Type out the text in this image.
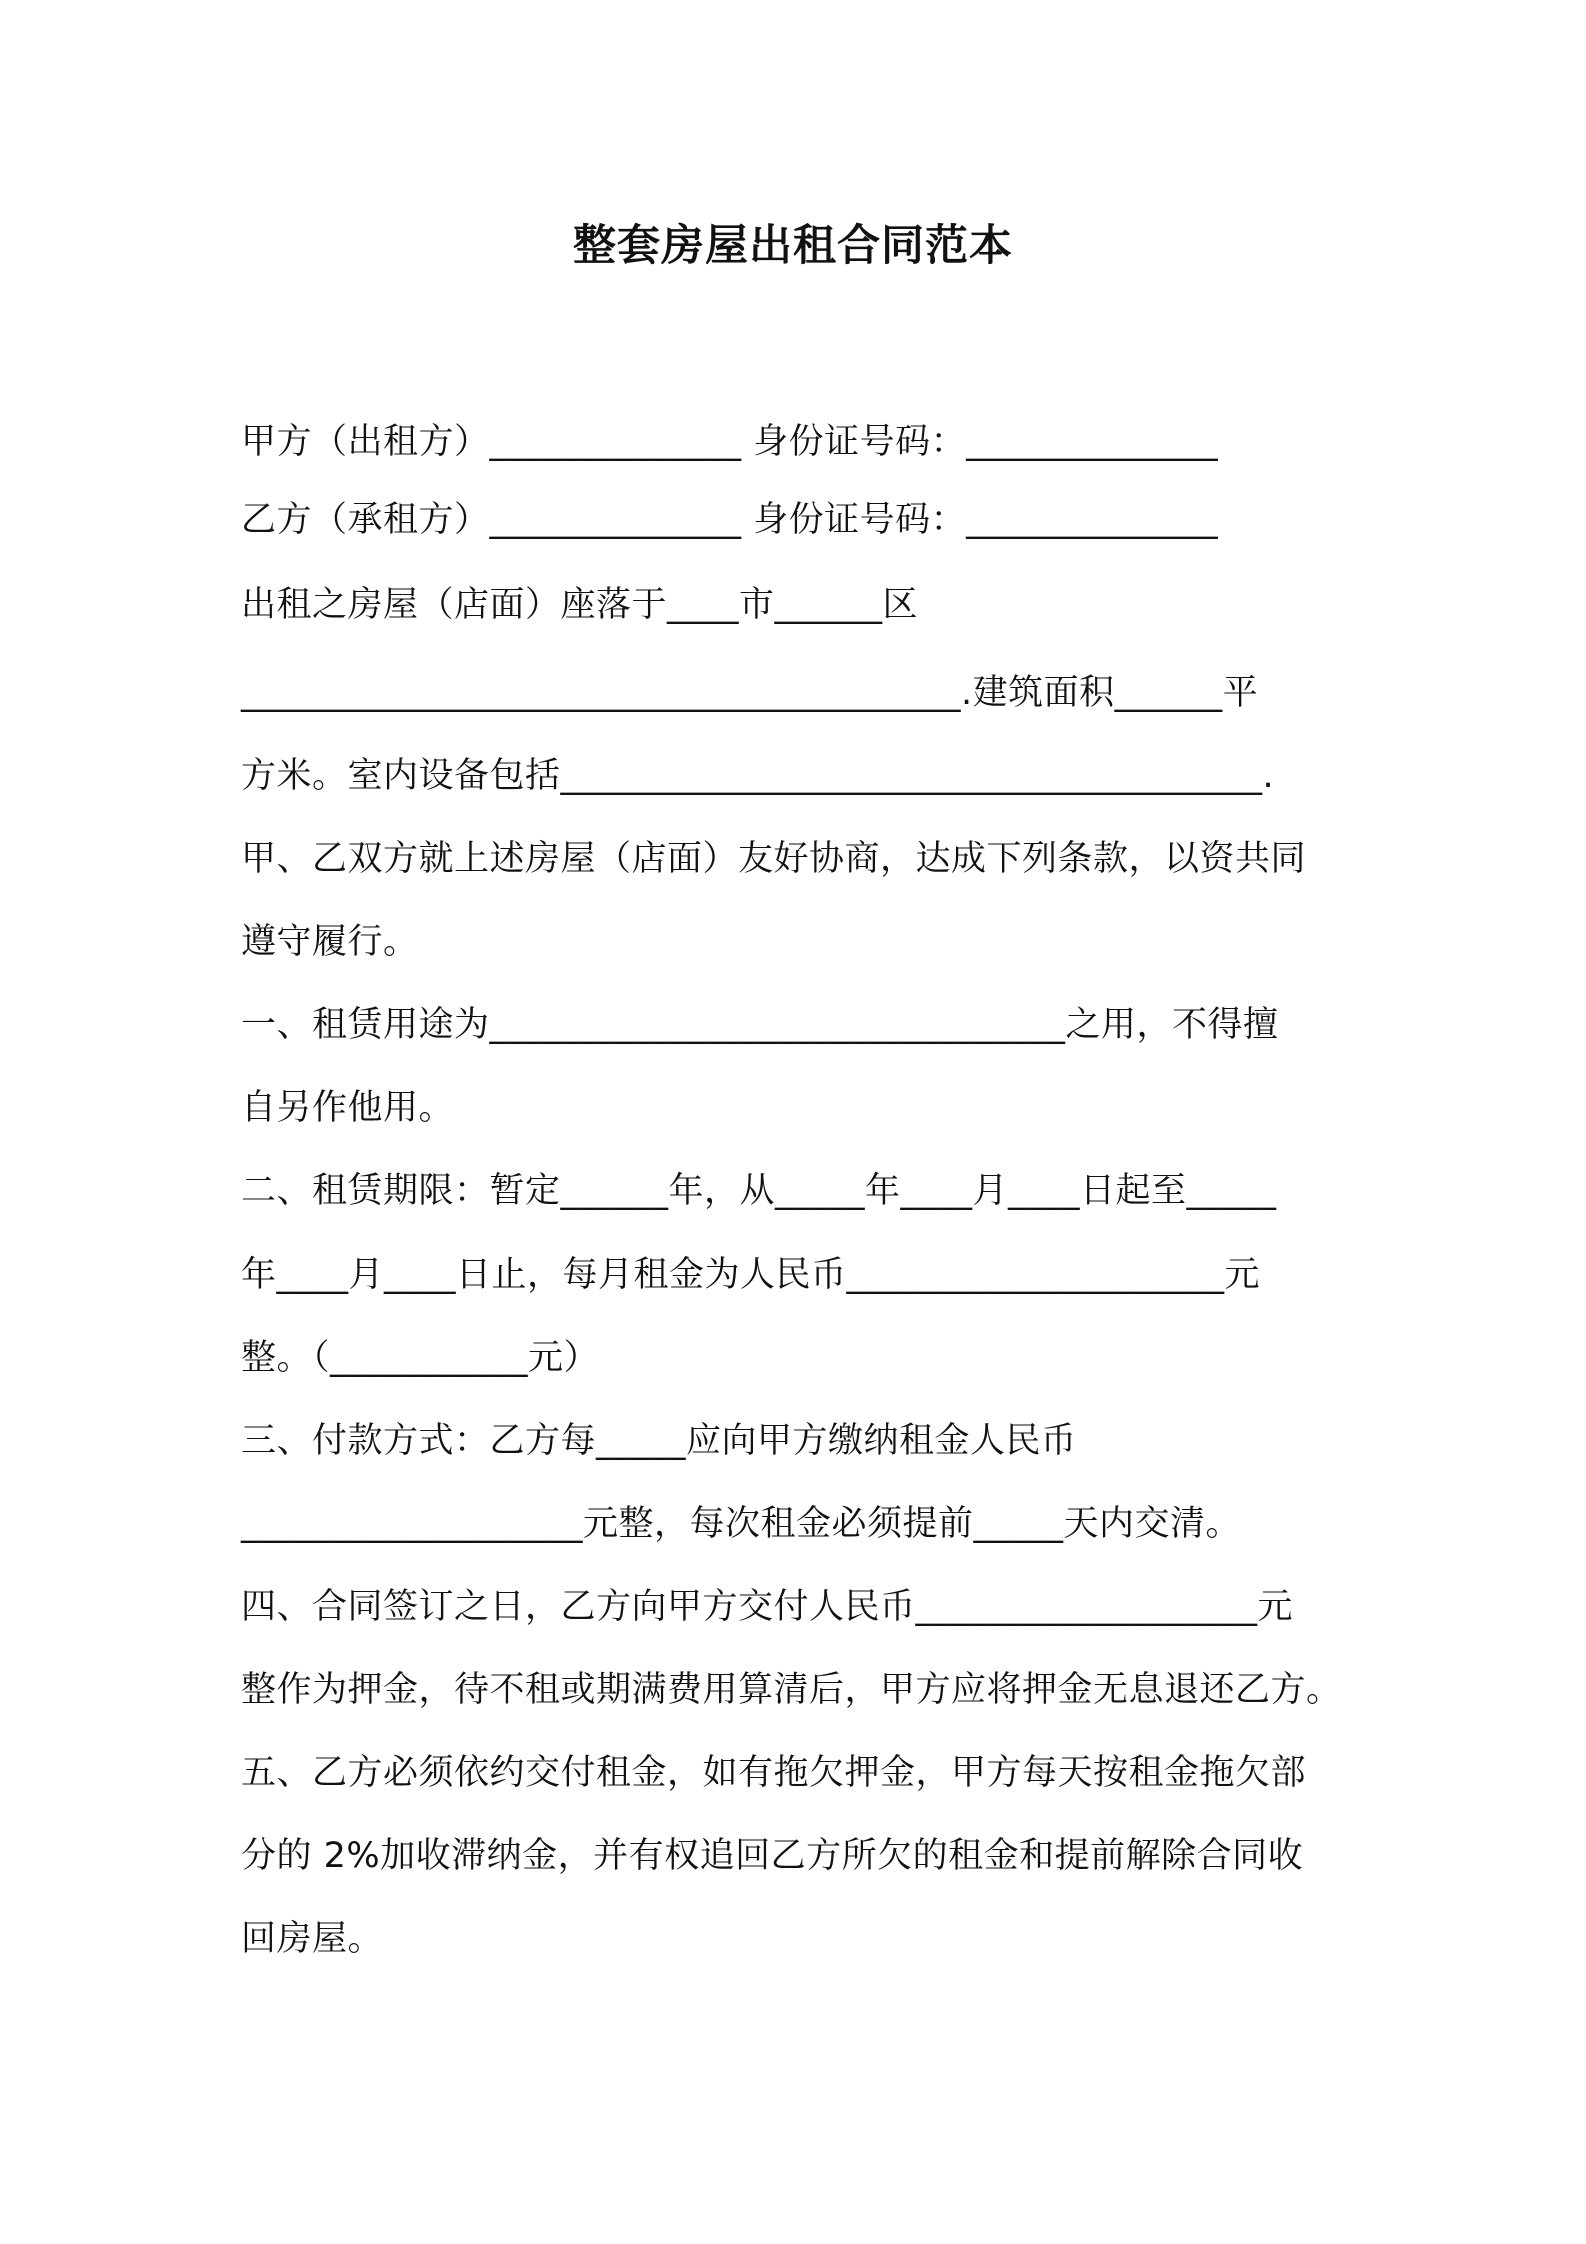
整套房屋出租合同范本
甲方（出租方）______________ 身份证号码：______________
乙方（承租方）______________ 身份证号码：______________
出租之房屋（店面）座落于____市______区
________________________________________.建筑面积______平
方米。室内设备包括_______________________________________.
甲、乙双方就上述房屋（店面）友好协商，达成下列条款，以资共同
遵守履行。
一、租赁用途为________________________________之用，不得擅
自另作他用。
二、租赁期限：暂定______年，从_____年____月____日起至_____
年____月____日止，每月租金为人民币_____________________元
整。（___________元）
三、付款方式：乙方每_____应向甲方缴纳租金人民币
___________________元整，每次租金必须提前_____天内交清。
四、合同签订之日，乙方向甲方交付人民币___________________元
整作为押金，待不租或期满费用算清后，甲方应将押金无息退还乙方。
五、乙方必须依约交付租金，如有拖欠押金，甲方每天按租金拖欠部
分的 2%加收滞纳金，并有权追回乙方所欠的租金和提前解除合同收
回房屋。
